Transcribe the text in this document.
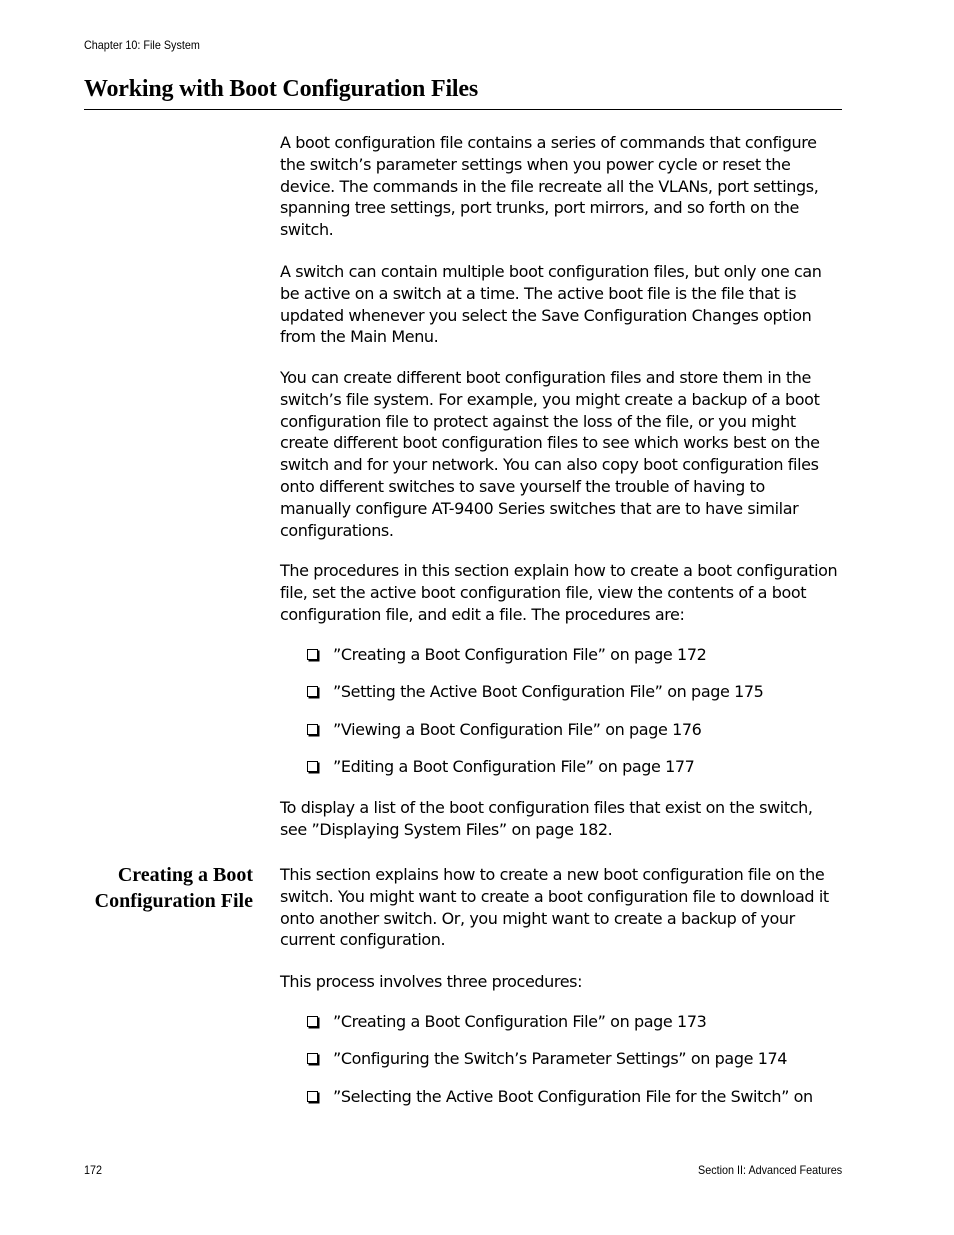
Chapter 10: File System
Working with Boot Configuration Files

A boot configuration file contains a series of commands that configure the switch’s parameter settings when you power cycle or reset the device. The commands in the file recreate all the VLANs, port settings, spanning tree settings, port trunks, port mirrors, and so forth on the switch.

A switch can contain multiple boot configuration files, but only one can be active on a switch at a time. The active boot file is the file that is updated whenever you select the Save Configuration Changes option from the Main Menu.

You can create different boot configuration files and store them in the switch’s file system. For example, you might create a backup of a boot configuration file to protect against the loss of the file, or you might create different boot configuration files to see which works best on the switch and for your network. You can also copy boot configuration files onto different switches to save yourself the trouble of having to manually configure AT-9400 Series switches that are to have similar configurations.

The procedures in this section explain how to create a boot configuration file, set the active boot configuration file, view the contents of a boot configuration file, and edit a file. The procedures are:

”Creating a Boot Configuration File” on page 172
”Setting the Active Boot Configuration File” on page 175
”Viewing a Boot Configuration File” on page 176
”Editing a Boot Configuration File” on page 177

To display a list of the boot configuration files that exist on the switch, see ”Displaying System Files” on page 182.

Creating a Boot Configuration File

This section explains how to create a new boot configuration file on the switch. You might want to create a boot configuration file to download it onto another switch. Or, you might want to create a backup of your current configuration.

This process involves three procedures:

”Creating a Boot Configuration File” on page 173
”Configuring the Switch’s Parameter Settings” on page 174
”Selecting the Active Boot Configuration File for the Switch” on
172	Section II: Advanced Features
